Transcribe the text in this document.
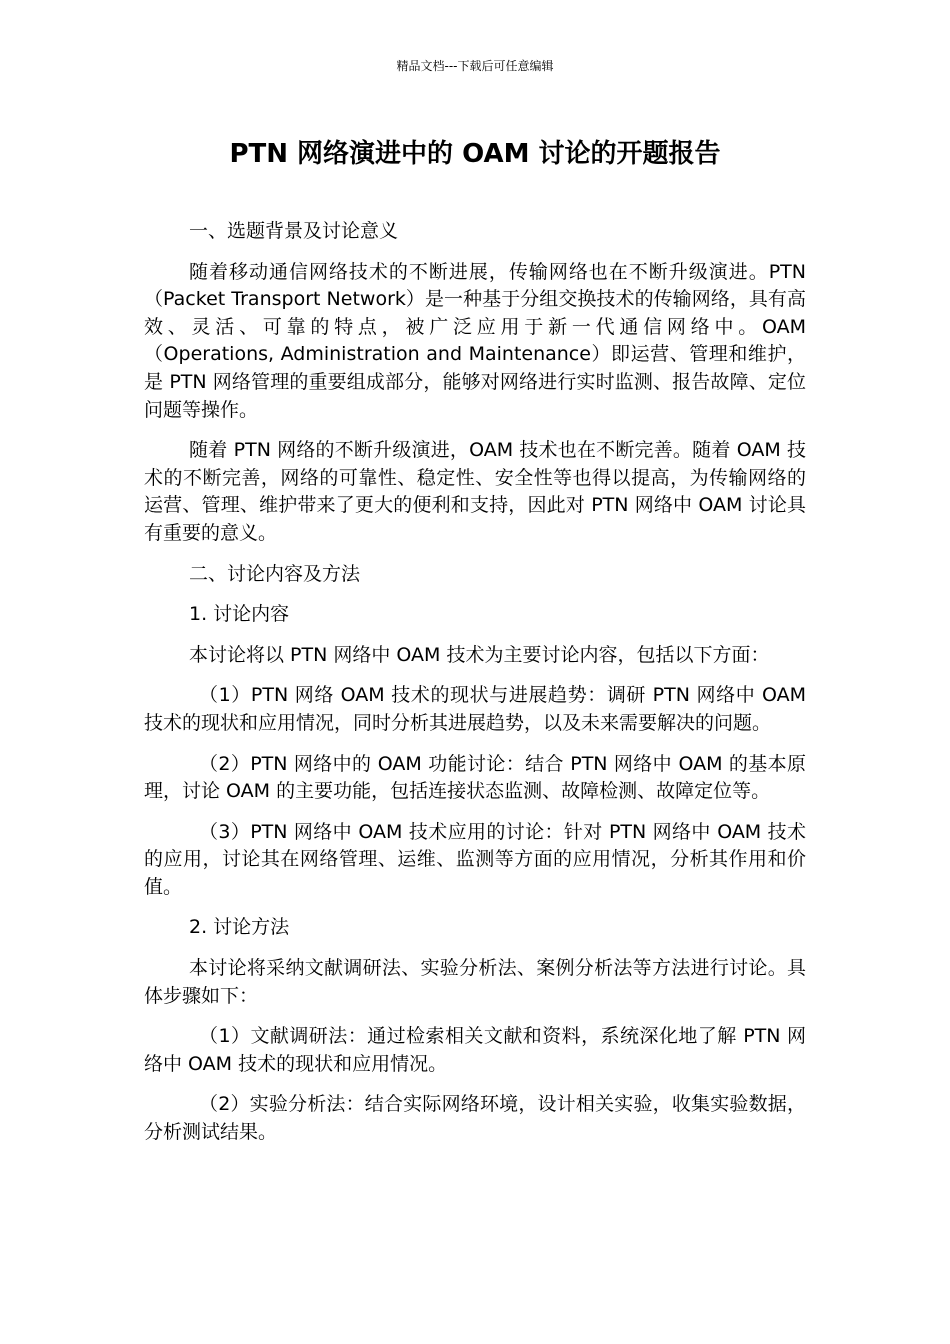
精品文档---下载后可任意编辑
PTN 网络演进中的 OAM 讨论的开题报告

一、选题背景及讨论意义

随着移动通信网络技术的不断进展，传输网络也在不断升级演进。PTN（Packet Transport Network）是一种基于分组交换技术的传输网络，具有高效、灵活、可靠的特点，被广泛应用于新一代通信网络中。OAM（Operations, Administration and Maintenance）即运营、管理和维护，是 PTN 网络管理的重要组成部分，能够对网络进行实时监测、报告故障、定位问题等操作。

随着 PTN 网络的不断升级演进，OAM 技术也在不断完善。随着 OAM 技术的不断完善，网络的可靠性、稳定性、安全性等也得以提高，为传输网络的运营、管理、维护带来了更大的便利和支持，因此对 PTN 网络中 OAM 讨论具有重要的意义。

二、讨论内容及方法

1. 讨论内容

本讨论将以 PTN 网络中 OAM 技术为主要讨论内容，包括以下方面：

（1）PTN 网络 OAM 技术的现状与进展趋势：调研 PTN 网络中 OAM 技术的现状和应用情况，同时分析其进展趋势，以及未来需要解决的问题。

（2）PTN 网络中的 OAM 功能讨论：结合 PTN 网络中 OAM 的基本原理，讨论 OAM 的主要功能，包括连接状态监测、故障检测、故障定位等。

（3）PTN 网络中 OAM 技术应用的讨论：针对 PTN 网络中 OAM 技术的应用，讨论其在网络管理、运维、监测等方面的应用情况，分析其作用和价值。

2. 讨论方法

本讨论将采纳文献调研法、实验分析法、案例分析法等方法进行讨论。具体步骤如下：

（1）文献调研法：通过检索相关文献和资料，系统深化地了解 PTN 网络中 OAM 技术的现状和应用情况。

（2）实验分析法：结合实际网络环境，设计相关实验，收集实验数据，分析测试结果。
